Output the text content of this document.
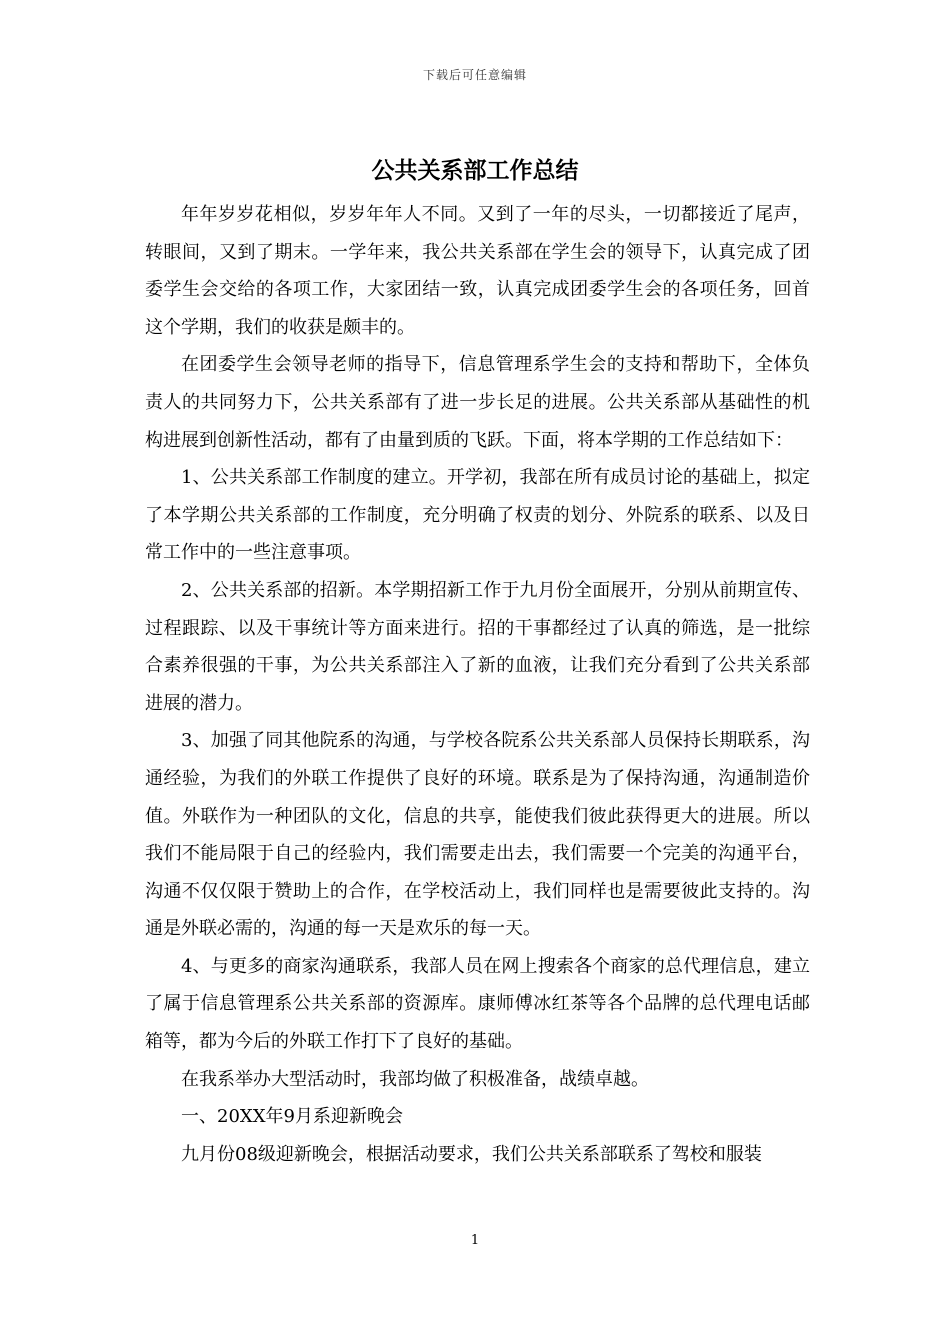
下载后可任意编辑
公共关系部工作总结

年年岁岁花相似，岁岁年年人不同。又到了一年的尽头，一切都接近了尾声，转眼间，又到了期末。一学年来，我公共关系部在学生会的领导下，认真完成了团委学生会交给的各项工作，大家团结一致，认真完成团委学生会的各项任务，回首这个学期，我们的收获是颇丰的。

在团委学生会领导老师的指导下，信息管理系学生会的支持和帮助下，全体负责人的共同努力下，公共关系部有了进一步长足的进展。公共关系部从基础性的机构进展到创新性活动，都有了由量到质的飞跃。下面，将本学期的工作总结如下：

1、公共关系部工作制度的建立。开学初，我部在所有成员讨论的基础上，拟定了本学期公共关系部的工作制度，充分明确了权责的划分、外院系的联系、以及日常工作中的一些注意事项。

2、公共关系部的招新。本学期招新工作于九月份全面展开，分别从前期宣传、过程跟踪、以及干事统计等方面来进行。招的干事都经过了认真的筛选，是一批综合素养很强的干事，为公共关系部注入了新的血液，让我们充分看到了公共关系部进展的潜力。

3、加强了同其他院系的沟通，与学校各院系公共关系部人员保持长期联系，沟通经验，为我们的外联工作提供了良好的环境。联系是为了保持沟通，沟通制造价值。外联作为一种团队的文化，信息的共享，能使我们彼此获得更大的进展。所以我们不能局限于自己的经验内，我们需要走出去，我们需要一个完美的沟通平台，沟通不仅仅限于赞助上的合作，在学校活动上，我们同样也是需要彼此支持的。沟通是外联必需的，沟通的每一天是欢乐的每一天。

4、与更多的商家沟通联系，我部人员在网上搜索各个商家的总代理信息，建立了属于信息管理系公共关系部的资源库。康师傅冰红茶等各个品牌的总代理电话邮箱等，都为今后的外联工作打下了良好的基础。

在我系举办大型活动时，我部均做了积极准备，战绩卓越。

一、20XX年9月系迎新晚会

九月份08级迎新晚会，根据活动要求，我们公共关系部联系了驾校和服装

1
